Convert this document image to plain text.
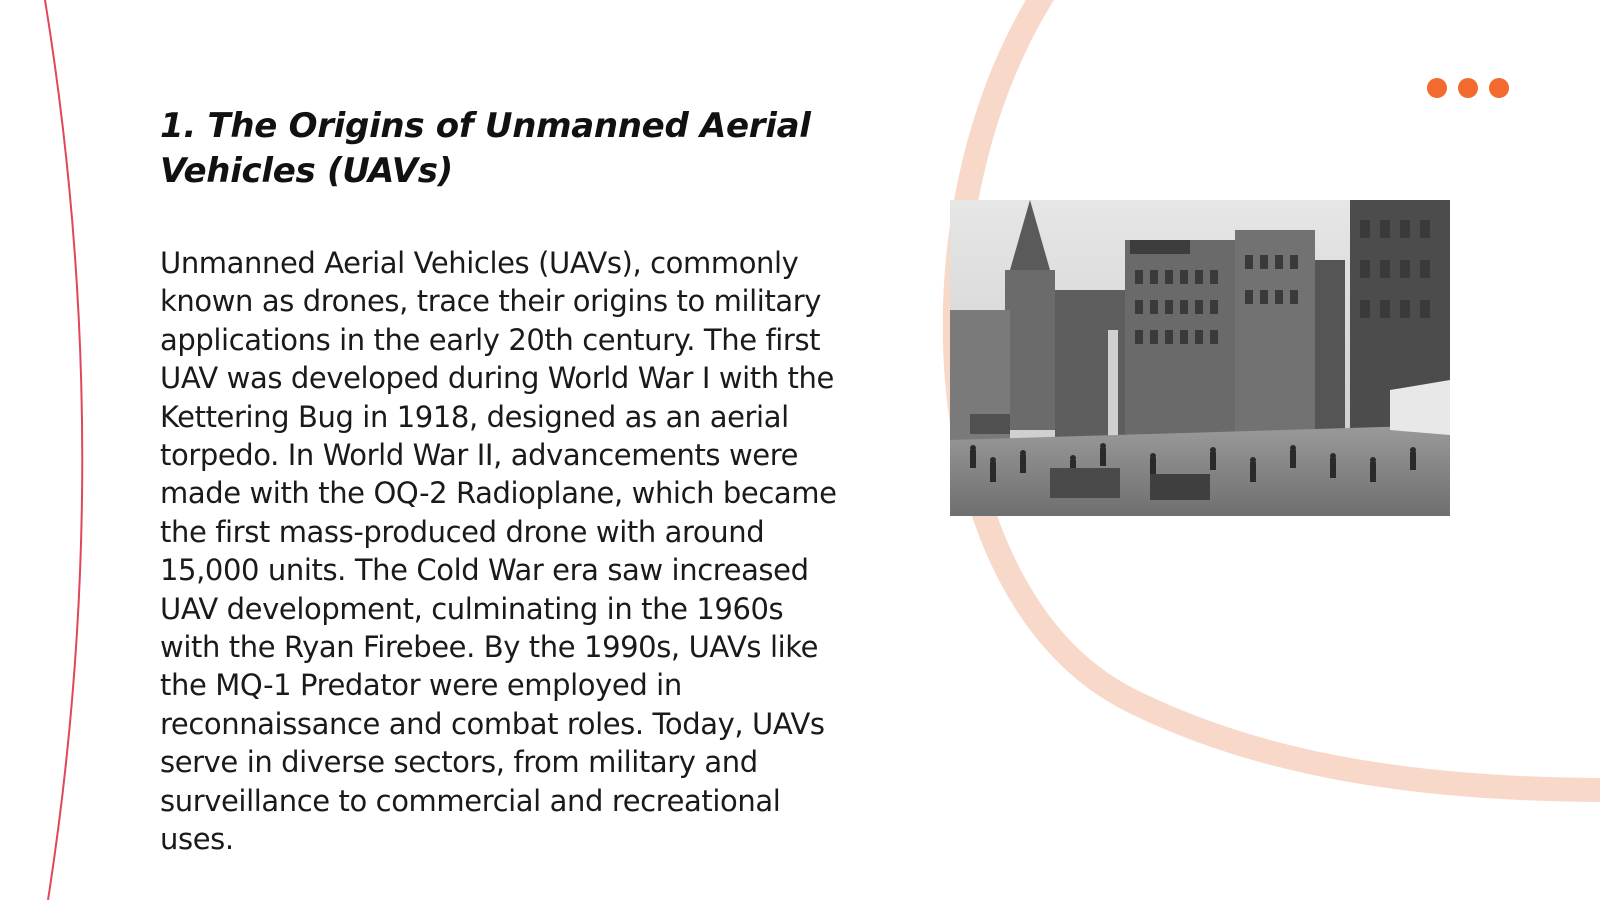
1. The Origins of Unmanned Aerial Vehicles (UAVs)

Unmanned Aerial Vehicles (UAVs), commonly known as drones, trace their origins to military applications in the early 20th century. The first UAV was developed during World War I with the Kettering Bug in 1918, designed as an aerial torpedo. In World War II, advancements were made with the OQ-2 Radioplane, which became the first mass-produced drone with around 15,000 units. The Cold War era saw increased UAV development, culminating in the 1960s with the Ryan Firebee. By the 1990s, UAVs like the MQ-1 Predator were employed in reconnaissance and combat roles. Today, UAVs serve in diverse sectors, from military and surveillance to commercial and recreational uses.
